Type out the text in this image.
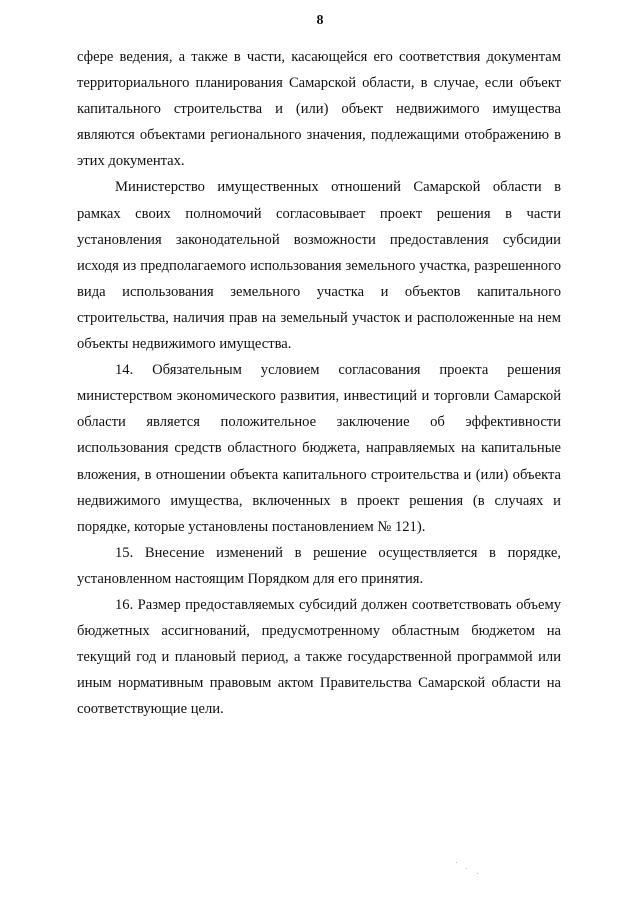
8

сфере ведения, а также в части, касающейся его соответствия документам территориального планирования Самарской области, в случае, если объект капитального строительства и (или) объект недвижимого имущества являются объектами регионального значения, подлежащими отображению в этих документах.

Министерство имущественных отношений Самарской области в рамках своих полномочий согласовывает проект решения в части установления законодательной возможности предоставления субсидии исходя из предполагаемого использования земельного участка, разрешенного вида использования земельного участка и объектов капитального строительства, наличия прав на земельный участок и расположенные на нем объекты недвижимого имущества.

14. Обязательным условием согласования проекта решения министерством экономического развития, инвестиций и торговли Самарской области является положительное заключение об эффективности использования средств областного бюджета, направляемых на капитальные вложения, в отношении объекта капитального строительства и (или) объекта недвижимого имущества, включенных в проект решения (в случаях и порядке, которые установлены постановлением № 121).

15. Внесение изменений в решение осуществляется в порядке, установленном настоящим Порядком для его принятия.

16. Размер предоставляемых субсидий должен соответствовать объему бюджетных ассигнований, предусмотренному областным бюджетом на текущий год и плановый период, а также государственной программой или иным нормативным правовым актом Правительства Самарской области на соответствующие цели.
